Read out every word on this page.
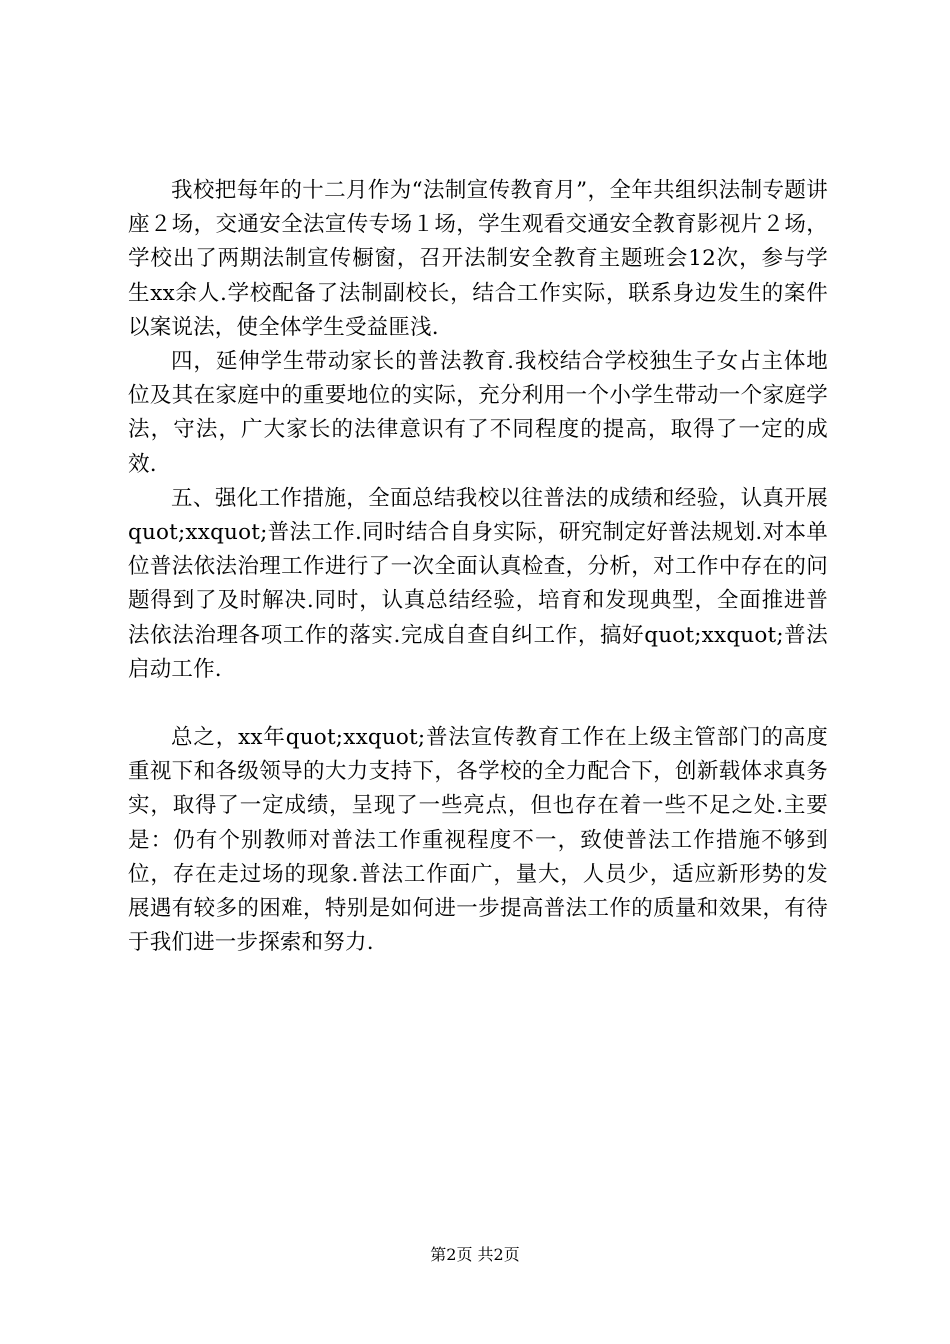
我校把每年的十二月作为“法制宣传教育月”，全年共组织法制专题讲座２场，交通安全法宣传专场１场，学生观看交通安全教育影视片２场，学校出了两期法制宣传橱窗，召开法制安全教育主题班会12次，参与学生xx余人.学校配备了法制副校长，结合工作实际，联系身边发生的案件以案说法，使全体学生受益匪浅.

四，延伸学生带动家长的普法教育.我校结合学校独生子女占主体地位及其在家庭中的重要地位的实际，充分利用一个小学生带动一个家庭学法，守法，广大家长的法律意识有了不同程度的提高，取得了一定的成效.

五、强化工作措施，全面总结我校以往普法的成绩和经验，认真开展quot;xxquot;普法工作.同时结合自身实际，研究制定好普法规划.对本单位普法依法治理工作进行了一次全面认真检查，分析，对工作中存在的问题得到了及时解决.同时，认真总结经验，培育和发现典型，全面推进普法依法治理各项工作的落实.完成自查自纠工作，搞好quot;xxquot;普法启动工作.

总之，xx年quot;xxquot;普法宣传教育工作在上级主管部门的高度重视下和各级领导的大力支持下，各学校的全力配合下，创新载体求真务实，取得了一定成绩，呈现了一些亮点，但也存在着一些不足之处.主要是：仍有个别教师对普法工作重视程度不一，致使普法工作措施不够到位，存在走过场的现象.普法工作面广，量大，人员少，适应新形势的发展遇有较多的困难，特别是如何进一步提高普法工作的质量和效果，有待于我们进一步探索和努力.

第2页 共2页
